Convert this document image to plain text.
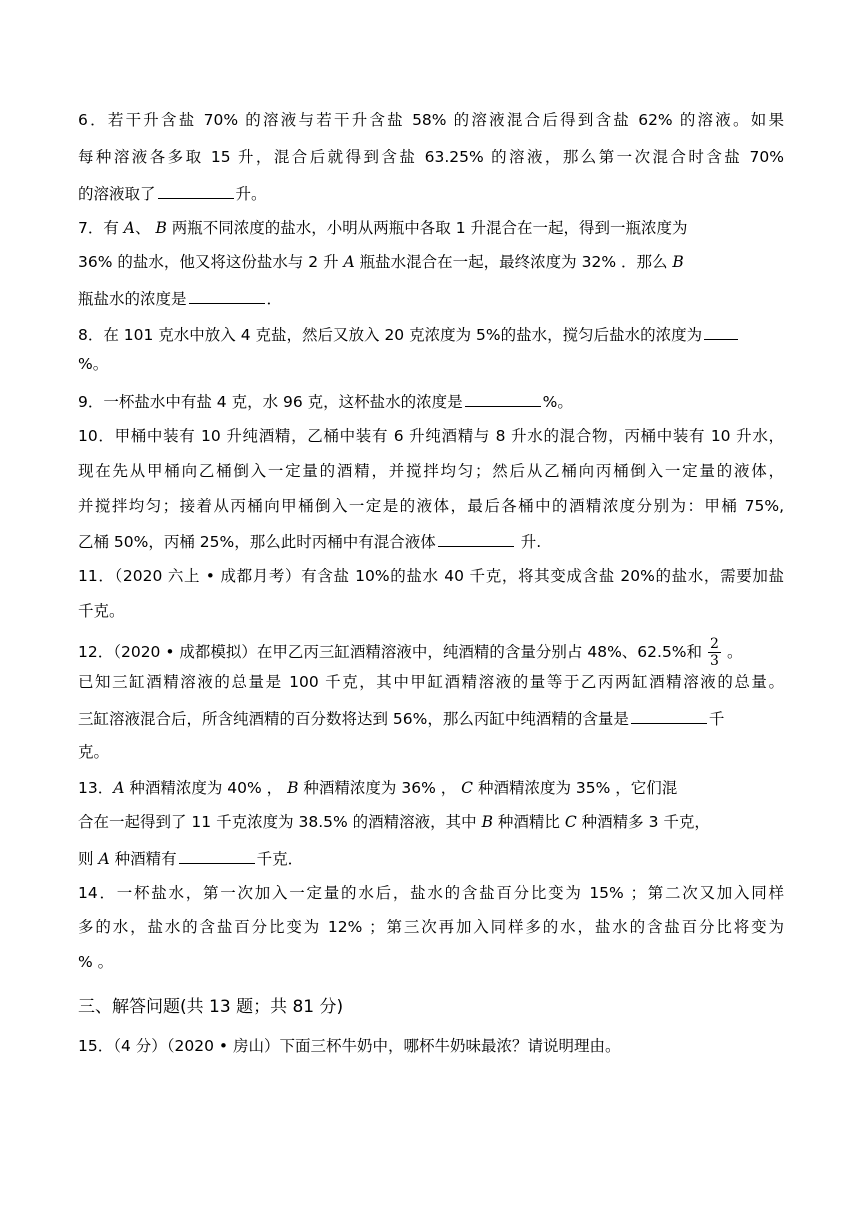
6．若干升含盐 70% 的溶液与若干升含盐 58% 的溶液混合后得到含盐 62% 的溶液。如果
每种溶液各多取 15 升，混合后就得到含盐 63.25% 的溶液，那么第一次混合时含盐 70%
的溶液取了	升。
7．有 A、 B 两瓶不同浓度的盐水，小明从两瓶中各取 1 升混合在一起，得到一瓶浓度为
36% 的盐水，他又将这份盐水与 2 升 A 瓶盐水混合在一起，最终浓度为 32% ．那么 B
瓶盐水的浓度是	．
8．在 101 克水中放入 4 克盐，然后又放入 20 克浓度为 5%的盐水，搅匀后盐水的浓度为
%。
9．一杯盐水中有盐 4 克，水 96 克，这杯盐水的浓度是	%。
10．甲桶中装有 10 升纯酒精，乙桶中装有 6 升纯酒精与 8 升水的混合物，丙桶中装有 10 升水，
现在先从甲桶向乙桶倒入一定量的酒精，并搅拌均匀；然后从乙桶向丙桶倒入一定量的液体，
并搅拌均匀；接着从丙桶向甲桶倒入一定是的液体，最后各桶中的酒精浓度分别为：甲桶 75%,
乙桶 50%，丙桶 25%，那么此时丙桶中有混合液体	升.
11．（2020 六上 • 成都月考）有含盐 10%的盐水 40 千克，将其变成含盐 20%的盐水，需要加盐
千克。
12．（2020 • 成都模拟）在甲乙丙三缸酒精溶液中，纯酒精的含量分别占 48%、62.5%和 $\frac{2}{3}$ 。
已知三缸酒精溶液的总量是 100 千克，其中甲缸酒精溶液的量等于乙丙两缸酒精溶液的总量。
三缸溶液混合后，所含纯酒精的百分数将达到 56%，那么丙缸中纯酒精的含量是	千
克。
13．A 种酒精浓度为 40% ， B 种酒精浓度为 36% ， C 种酒精浓度为 35% ，它们混
合在一起得到了 11 千克浓度为 38.5% 的酒精溶液，其中 B 种酒精比 C 种酒精多 3 千克，
则 A 种酒精有	千克．
14．一杯盐水，第一次加入一定量的水后，盐水的含盐百分比变为 15% ；第二次又加入同样
多的水，盐水的含盐百分比变为 12% ；第三次再加入同样多的水，盐水的含盐百分比将变为
% 。
三、解答问题(共 13 题；共 81 分)
15．（4 分）（2020 • 房山）下面三杯牛奶中，哪杯牛奶味最浓？请说明理由。
